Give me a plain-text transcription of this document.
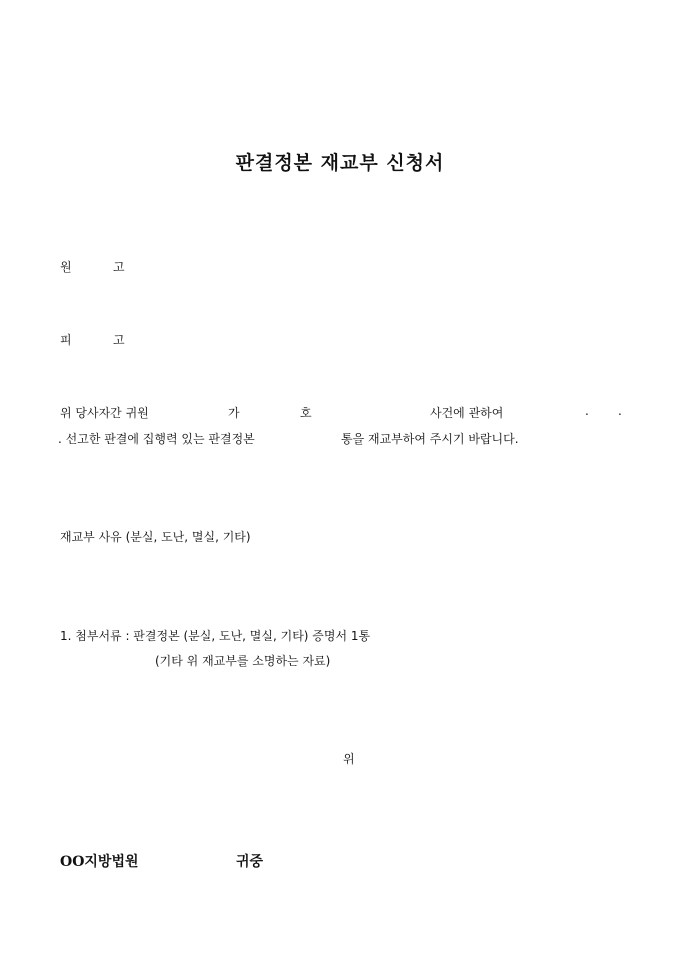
판결정본 재교부 신청서
원	고
피	고
위 당사자간 귀원	가	호	사건에 관하여	. .
. 선고한 판결에 집행력 있는 판결정본	통을 재교부하여 주시기 바랍니다.
재교부 사유 (분실, 도난, 멸실, 기타)
1. 첨부서류 : 판결정본 (분실, 도난, 멸실, 기타) 증명서 1통
(기타 위 재교부를 소명하는 자료)
위
OO지방법원	귀중
